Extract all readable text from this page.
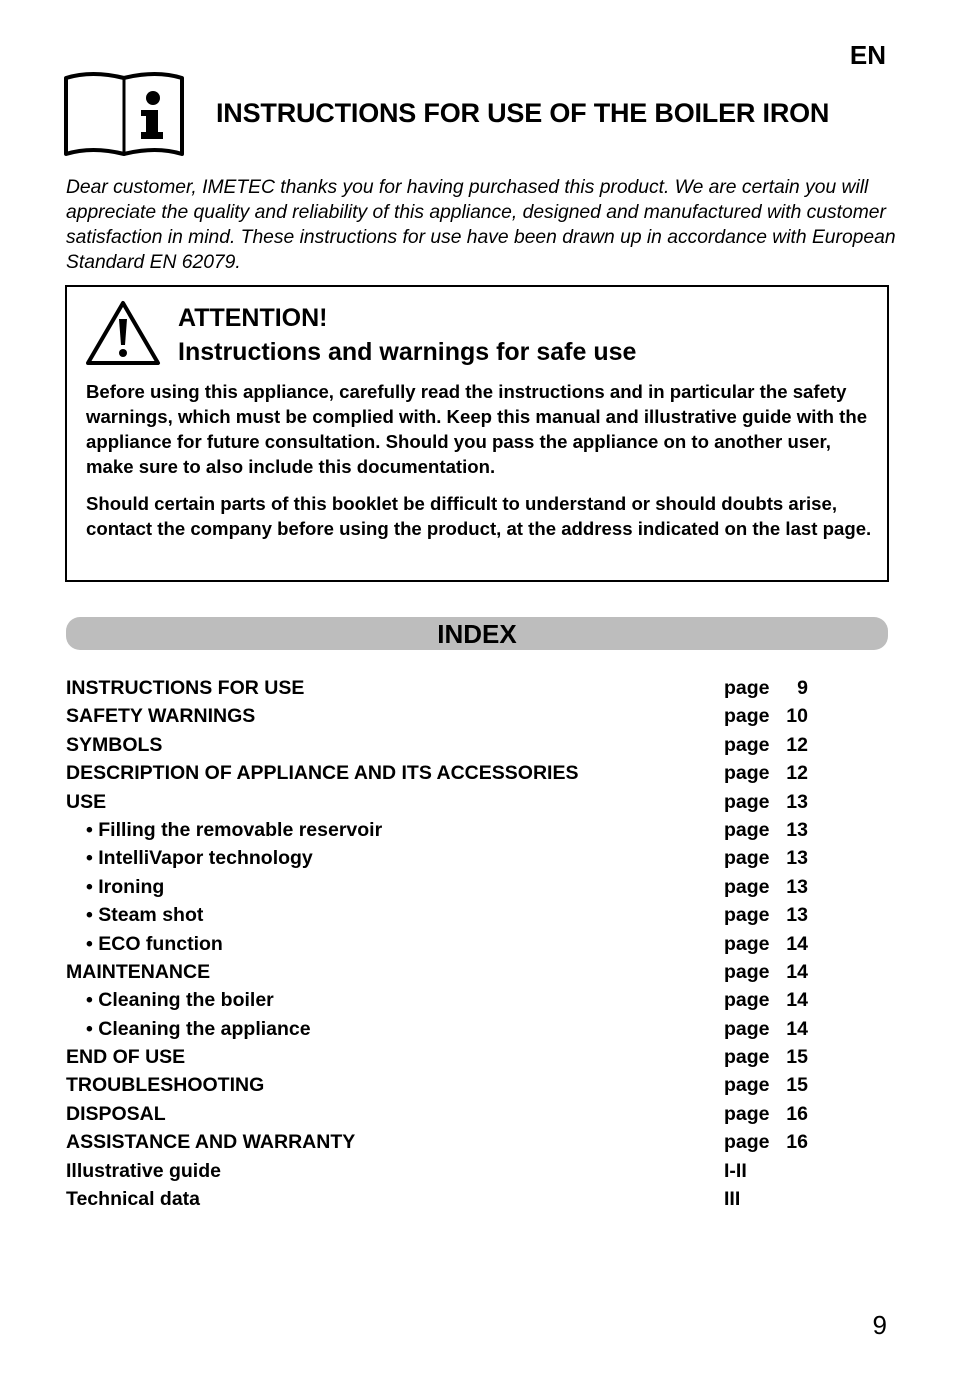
EN
INSTRUCTIONS FOR USE OF THE BOILER IRON
Dear customer, IMETEC thanks you for having purchased this product. We are certain you will appreciate the quality and reliability of this appliance, designed and manufactured with customer satisfaction in mind. These instructions for use have been drawn up in accordance with European Standard EN 62079.
ATTENTION!
Instructions and warnings for safe use

Before using this appliance, carefully read the instructions and in particular the safety warnings, which must be complied with. Keep this manual and illustrative guide with the appliance for future consultation. Should you pass the appliance on to another user, make sure to also include this documentation.

Should certain parts of this booklet be difficult to understand or should doubts arise, contact the company before using the product, at the address indicated on the last page.

INDEX
INSTRUCTIONS FOR USE	page 9
SAFETY WARNINGS	page 10
SYMBOLS	page 12
DESCRIPTION OF APPLIANCE AND ITS ACCESSORIES	page 12
USE	page 13
• Filling the removable reservoir	page 13
• IntelliVapor technology	page 13
• Ironing	page 13
• Steam shot	page 13
• ECO function	page 14
MAINTENANCE	page 14
• Cleaning the boiler	page 14
• Cleaning the appliance	page 14
END OF USE	page 15
TROUBLESHOOTING	page 15
DISPOSAL	page 16
ASSISTANCE AND WARRANTY	page 16
Illustrative guide	I-II
Technical data	III
9
